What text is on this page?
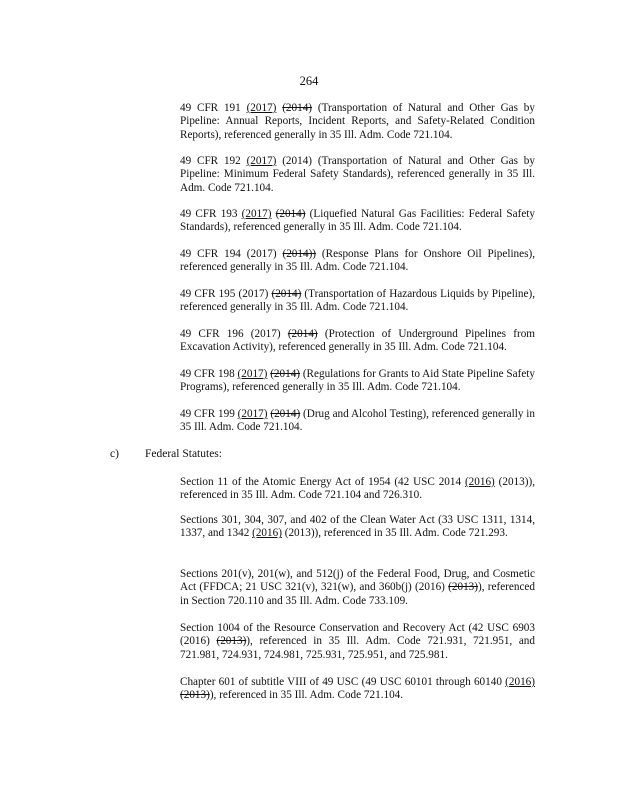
264
49 CFR 191 (2017) (2014) (Transportation of Natural and Other Gas by Pipeline: Annual Reports, Incident Reports, and Safety-Related Condition Reports), referenced generally in 35 Ill. Adm. Code 721.104.
49 CFR 192 (2017) (2014) (Transportation of Natural and Other Gas by Pipeline: Minimum Federal Safety Standards), referenced generally in 35 Ill. Adm. Code 721.104.
49 CFR 193 (2017) (2014) (Liquefied Natural Gas Facilities: Federal Safety Standards), referenced generally in 35 Ill. Adm. Code 721.104.
49 CFR 194 (2017) (2014)) (Response Plans for Onshore Oil Pipelines), referenced generally in 35 Ill. Adm. Code 721.104.
49 CFR 195 (2017) (2014) (Transportation of Hazardous Liquids by Pipeline), referenced generally in 35 Ill. Adm. Code 721.104.
49 CFR 196 (2017) (2014) (Protection of Underground Pipelines from Excavation Activity), referenced generally in 35 Ill. Adm. Code 721.104.
49 CFR 198 (2017) (2014) (Regulations for Grants to Aid State Pipeline Safety Programs), referenced generally in 35 Ill. Adm. Code 721.104.
49 CFR 199 (2017) (2014) (Drug and Alcohol Testing), referenced generally in 35 Ill. Adm. Code 721.104.
c) Federal Statutes:
Section 11 of the Atomic Energy Act of 1954 (42 USC 2014 (2016) (2013)), referenced in 35 Ill. Adm. Code 721.104 and 726.310.
Sections 301, 304, 307, and 402 of the Clean Water Act (33 USC 1311, 1314, 1337, and 1342 (2016) (2013)), referenced in 35 Ill. Adm. Code 721.293.
Sections 201(v), 201(w), and 512(j) of the Federal Food, Drug, and Cosmetic Act (FFDCA; 21 USC 321(v), 321(w), and 360b(j) (2016) (2013)), referenced in Section 720.110 and 35 Ill. Adm. Code 733.109.
Section 1004 of the Resource Conservation and Recovery Act (42 USC 6903 (2016) (2013)), referenced in 35 Ill. Adm. Code 721.931, 721.951, and 721.981, 724.931, 724.981, 725.931, 725.951, and 725.981.
Chapter 601 of subtitle VIII of 49 USC (49 USC 60101 through 60140 (2016) (2013)), referenced in 35 Ill. Adm. Code 721.104.
